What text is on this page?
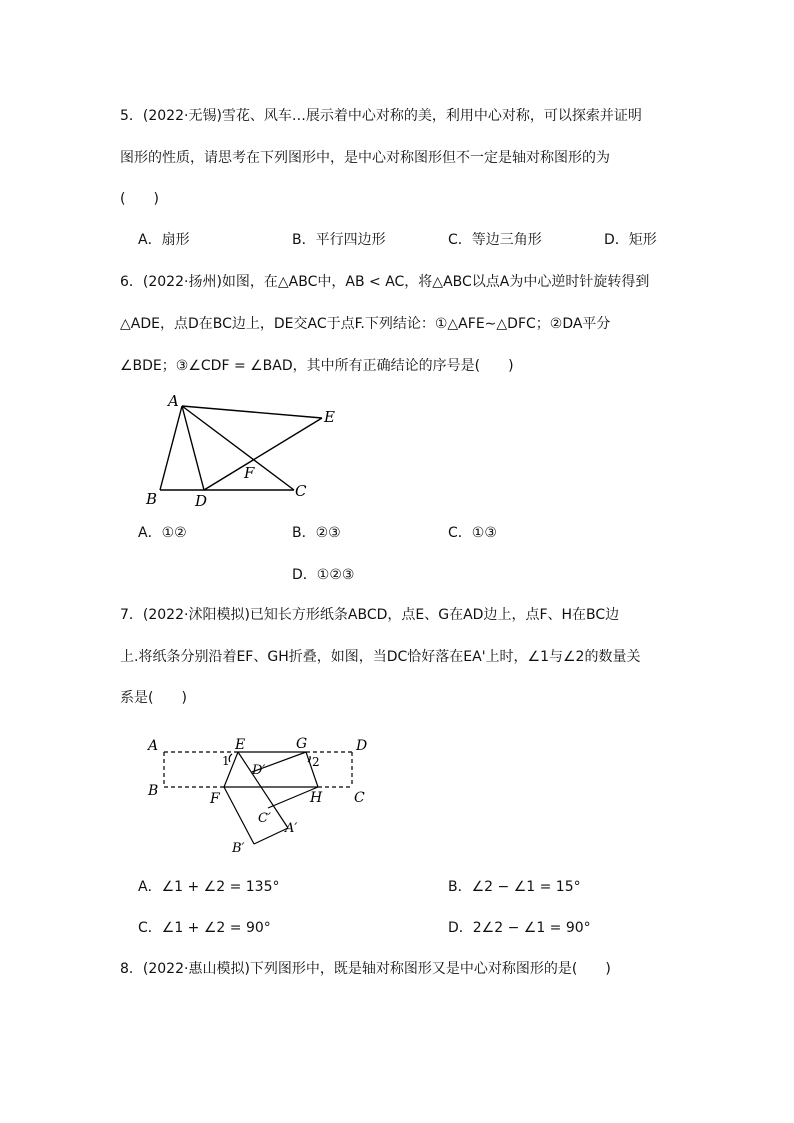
5．(2022·无锡)雪花、风车…展示着中心对称的美，利用中心对称，可以探索并证明
图形的性质，请思考在下列图形中，是中心对称图形但不一定是轴对称图形的为
(　　)
A．扇形	B．平行四边形	C．等边三角形	D．矩形
6．(2022·扬州)如图，在△ABC中，AB < AC，将△ABC以点A为中心逆时针旋转得到
△ADE，点D在BC边上，DE交AC于点F.下列结论：①△AFE∼△DFC；②DA平分
∠BDE；③∠CDF = ∠BAD，其中所有正确结论的序号是(　　)
A
B	D
C
E
F
A．①②	B．②③	C．①③
D．①②③
7．(2022·沭阳模拟)已知长方形纸条ABCD，点E、G在AD边上，点F、H在BC边
上.将纸条分别沿着EF、GH折叠，如图，当DC恰好落在EA'上时，∠1与∠2的数量关
系是(　　)
A
B
E	G	D
C
F	H
D′
C′
A′
B′
1	2
A．∠1 + ∠2 = 135°	B．∠2 − ∠1 = 15°
C．∠1 + ∠2 = 90°	D．2∠2 − ∠1 = 90°
8．(2022·惠山模拟)下列图形中，既是轴对称图形又是中心对称图形的是(　　)
